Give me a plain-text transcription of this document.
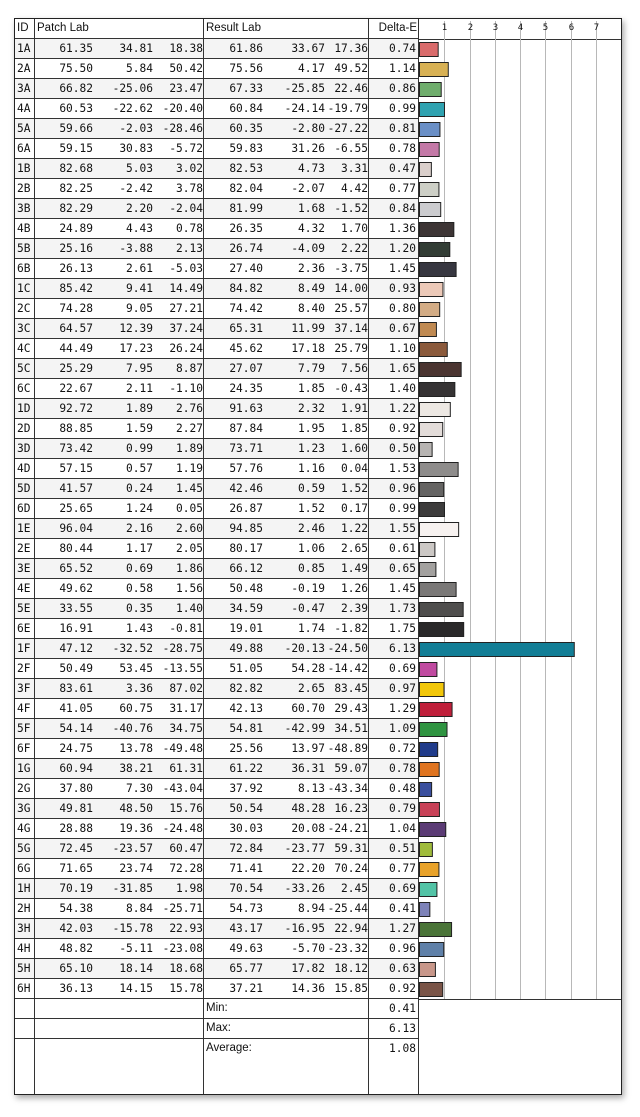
ID Patch Lab	Result Lab	Delta-E
1A	61.35	34.81	18.38	61.86	33.67 17.36	0.74
2A	75.50	5.84	50.42	75.56	4.17 49.52	1.14
3A	66.82	-25.06	23.47	67.33	-25.85 22.46	0.86
4A	60.53	-22.62 -20.40	60.84	-24.14 -19.79	0.99
5A	59.66	-2.03 -28.46	60.35	-2.80 -27.22	0.81
6A	59.15	30.83	-5.72	59.83	31.26 -6.55	0.78
1B	82.68	5.03	3.02	82.53	4.73	3.31	0.47
2B	82.25	-2.42	3.78	82.04	-2.07	4.42	0.77
3B	82.29	2.20	-2.04	81.99	1.68 -1.52	0.84
4B	24.89	4.43	0.78	26.35	4.32	1.70	1.36
5B	25.16	-3.88	2.13	26.74	-4.09	2.22	1.20
6B	26.13	2.61	-5.03	27.40	2.36 -3.75	1.45
1C	85.42	9.41	14.49	84.82	8.49 14.00	0.93
2C	74.28	9.05	27.21	74.42	8.40 25.57	0.80
3C	64.57	12.39	37.24	65.31	11.99 37.14	0.67
4C	44.49	17.23	26.24	45.62	17.18 25.79	1.10
5C	25.29	7.95	8.87	27.07	7.79	7.56	1.65
6C	22.67	2.11	-1.10	24.35	1.85 -0.43	1.40
1D	92.72	1.89	2.76	91.63	2.32	1.91	1.22
2D	88.85	1.59	2.27	87.84	1.95	1.85	0.92
3D	73.42	0.99	1.89	73.71	1.23	1.60	0.50
4D	57.15	0.57	1.19	57.76	1.16	0.04	1.53
5D	41.57	0.24	1.45	42.46	0.59	1.52	0.96
6D	25.65	1.24	0.05	26.87	1.52	0.17	0.99
1E	96.04	2.16	2.60	94.85	2.46	1.22	1.55
2E	80.44	1.17	2.05	80.17	1.06	2.65	0.61
3E	65.52	0.69	1.86	66.12	0.85	1.49	0.65
4E	49.62	0.58	1.56	50.48	-0.19	1.26	1.45
5E	33.55	0.35	1.40	34.59	-0.47	2.39	1.73
6E	16.91	1.43	-0.81	19.01	1.74 -1.82	1.75
1F	47.12	-32.52 -28.75	49.88	-20.13 -24.50	6.13
2F	50.49	53.45 -13.55	51.05	54.28 -14.42	0.69
3F	83.61	3.36	87.02	82.82	2.65 83.45	0.97
4F	41.05	60.75	31.17	42.13	60.70 29.43	1.29
5F	54.14	-40.76	34.75	54.81	-42.99 34.51	1.09
6F	24.75	13.78 -49.48	25.56	13.97 -48.89	0.72
1G	60.94	38.21	61.31	61.22	36.31 59.07	0.78
2G	37.80	7.30 -43.04	37.92	8.13 -43.34	0.48
3G	49.81	48.50	15.76	50.54	48.28 16.23	0.79
4G	28.88	19.36 -24.48	30.03	20.08 -24.21	1.04
5G	72.45	-23.57	60.47	72.84	-23.77 59.31	0.51
6G	71.65	23.74	72.28	71.41	22.20 70.24	0.77
1H	70.19	-31.85	1.98	70.54	-33.26	2.45	0.69
2H	54.38	8.84 -25.71	54.73	8.94 -25.44	0.41
3H	42.03	-15.78	22.93	43.17	-16.95 22.94	1.27
4H	48.82	-5.11 -23.08	49.63	-5.70 -23.32	0.96
5H	65.10	18.14	18.68	65.77	17.82 18.12	0.63
6H	36.13	14.15	15.78	37.21	14.36 15.85	0.92
Min:	0.41
Max:	6.13
Average:	1.08
1 2 3 4 5 6 7
